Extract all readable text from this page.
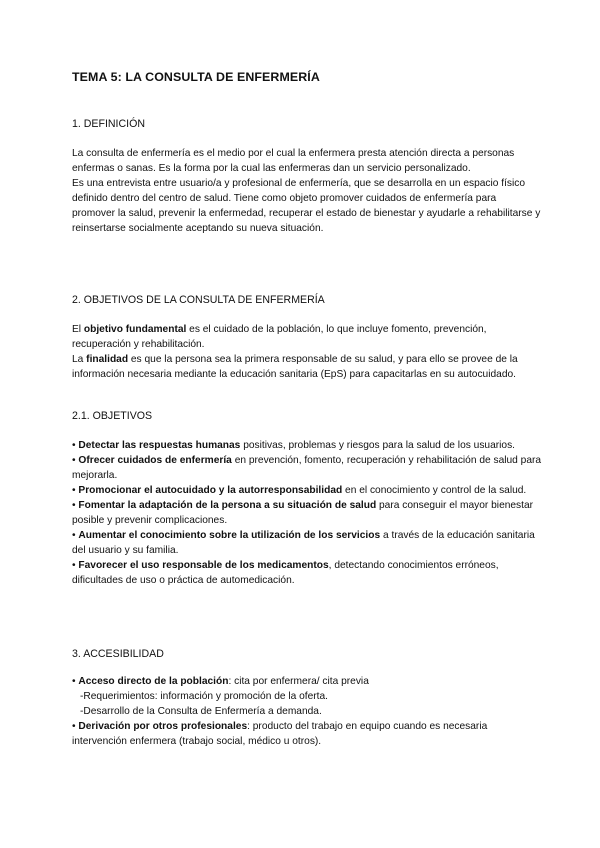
TEMA 5: LA CONSULTA DE ENFERMERÍA
1. DEFINICIÓN

La consulta de enfermería es el medio por el cual la enfermera presta atención directa a personas enfermas o sanas. Es la forma por la cual las enfermeras dan un servicio personalizado.
Es una entrevista entre usuario/a y profesional de enfermería, que se desarrolla en un espacio físico definido dentro del centro de salud. Tiene como objeto promover cuidados de enfermería para promover la salud, prevenir la enfermedad, recuperar el estado de bienestar y ayudarle a rehabilitarse y reinsertarse socialmente aceptando su nueva situación.

2. OBJETIVOS DE LA CONSULTA DE ENFERMERÍA

El objetivo fundamental es el cuidado de la población, lo que incluye fomento, prevención, recuperación y rehabilitación.
La finalidad es que la persona sea la primera responsable de su salud, y para ello se provee de la información necesaria mediante la educación sanitaria (EpS) para capacitarlas en su autocuidado.

2.1. OBJETIVOS

• Detectar las respuestas humanas positivas, problemas y riesgos para la salud de los usuarios.
• Ofrecer cuidados de enfermería en prevención, fomento, recuperación y rehabilitación de salud para mejorarla.
• Promocionar el autocuidado y la autorresponsabilidad en el conocimiento y control de la salud.
• Fomentar la adaptación de la persona a su situación de salud para conseguir el mayor bienestar posible y prevenir complicaciones.
• Aumentar el conocimiento sobre la utilización de los servicios a través de la educación sanitaria del usuario y su familia.
• Favorecer el uso responsable de los medicamentos, detectando conocimientos erróneos, dificultades de uso o práctica de automedicación.

3. ACCESIBILIDAD

• Acceso directo de la población: cita por enfermera/ cita previa
-Requerimientos: información y promoción de la oferta.
-Desarrollo de la Consulta de Enfermería a demanda.
• Derivación por otros profesionales: producto del trabajo en equipo cuando es necesaria intervención enfermera (trabajo social, médico u otros).
